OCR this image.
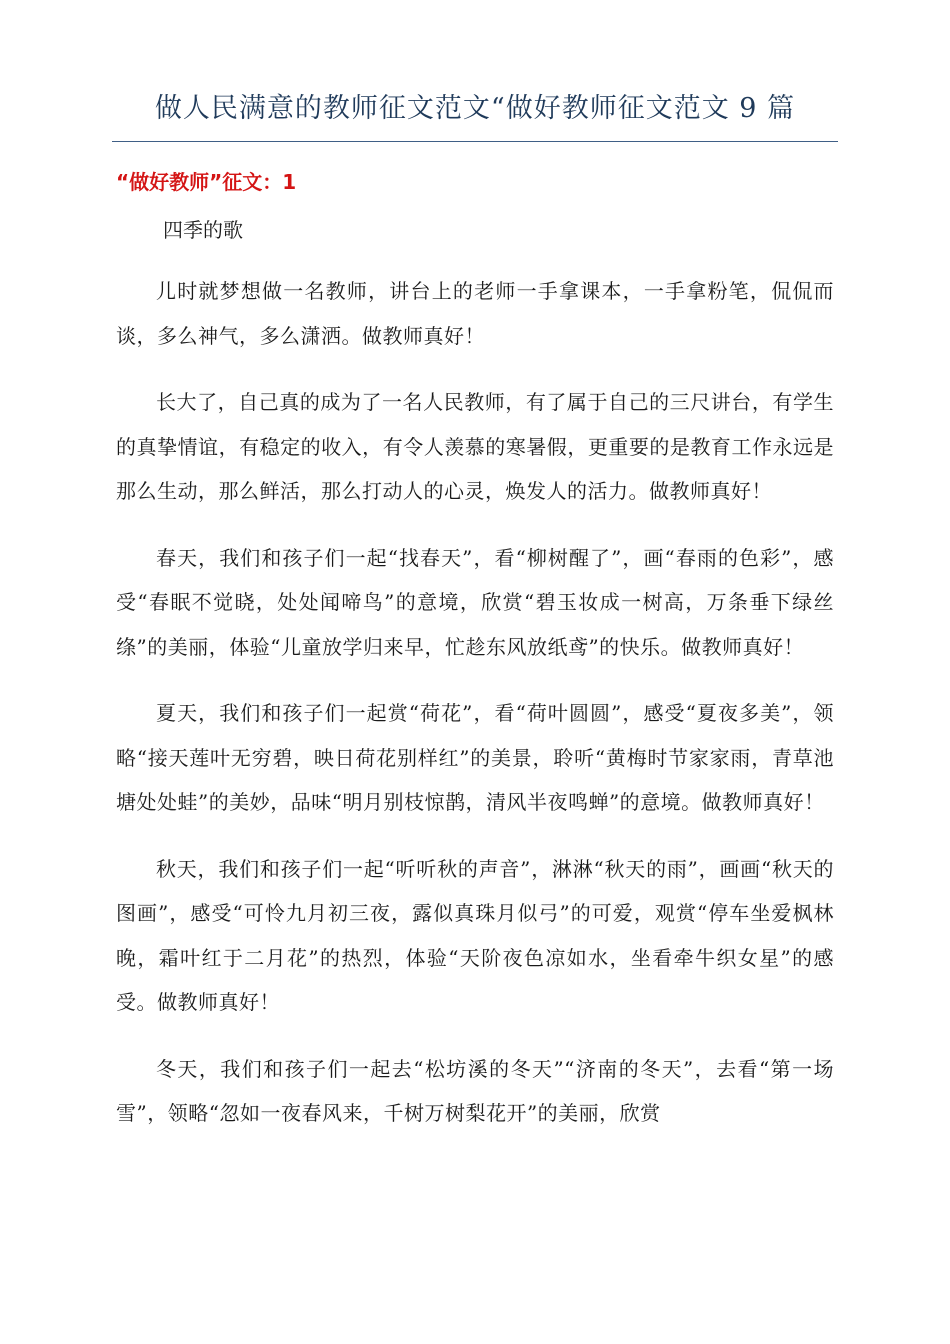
做人民满意的教师征文范文“做好教师征文范文 9 篇
“做好教师”征文：1
四季的歌

儿时就梦想做一名教师，讲台上的老师一手拿课本，一手拿粉笔，侃侃而谈，多么神气，多么潇洒。做教师真好！

长大了，自己真的成为了一名人民教师，有了属于自己的三尺讲台，有学生的真挚情谊，有稳定的收入，有令人羡慕的寒暑假，更重要的是教育工作永远是那么生动，那么鲜活，那么打动人的心灵，焕发人的活力。做教师真好！

春天，我们和孩子们一起“找春天”，看“柳树醒了”，画“春雨的色彩”，感受“春眠不觉晓，处处闻啼鸟”的意境，欣赏“碧玉妆成一树高，万条垂下绿丝绦”的美丽，体验“儿童放学归来早，忙趁东风放纸鸢”的快乐。做教师真好！

夏天，我们和孩子们一起赏“荷花”，看“荷叶圆圆”，感受“夏夜多美”，领略“接天莲叶无穷碧，映日荷花别样红”的美景，聆听“黄梅时节家家雨，青草池塘处处蛙”的美妙，品味“明月别枝惊鹊，清风半夜鸣蝉”的意境。做教师真好！

秋天，我们和孩子们一起“听听秋的声音”，淋淋“秋天的雨”，画画“秋天的图画”，感受“可怜九月初三夜，露似真珠月似弓”的可爱，观赏“停车坐爱枫林晚，霜叶红于二月花”的热烈，体验“天阶夜色凉如水，坐看牵牛织女星”的感受。做教师真好！

冬天，我们和孩子们一起去“松坊溪的冬天”“济南的冬天”，去看“第一场雪”，领略“忽如一夜春风来，千树万树梨花开”的美丽，欣赏
